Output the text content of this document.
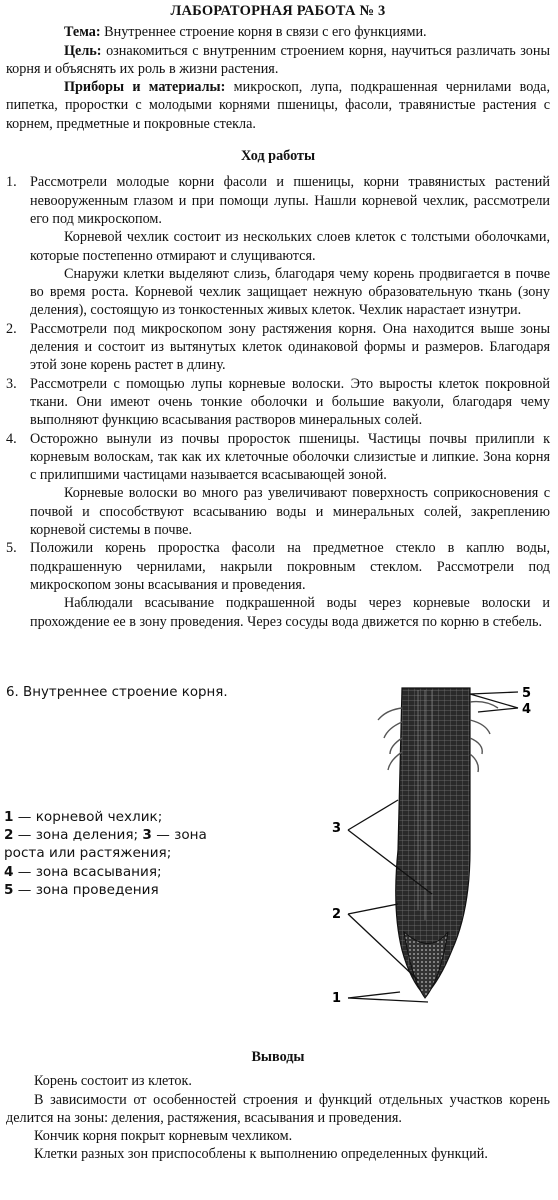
ЛАБОРАТОРНАЯ РАБОТА № 3

Тема: Внутреннее строение корня в связи с его функциями.

Цель: ознакомиться с внутренним строением корня, научиться различать зоны корня и объяснять их роль в жизни растения.

Приборы и материалы: микроскоп, лупа, подкрашенная чернилами вода, пипетка, проростки с молодыми корнями пшеницы, фасоли, травянистые растения с корнем, предметные и покровные стекла.

Ход работы
1. Рассмотрели молодые корни фасоли и пшеницы, корни травянистых растений невооруженным глазом и при помощи лупы. Нашли корневой чехлик, рассмотрели его под микроскопом.

Корневой чехлик состоит из нескольких слоев клеток с толстыми оболочками, которые постепенно отмирают и слущиваются.

Снаружи клетки выделяют слизь, благодаря чему корень продвигается в почве во время роста. Корневой чехлик защищает нежную образовательную ткань (зону деления), состоящую из тонкостенных живых клеток. Чехлик нарастает изнутри.

2. Рассмотрели под микроскопом зону растяжения корня. Она находится выше зоны деления и состоит из вытянутых клеток одинаковой формы и размеров. Благодаря этой зоне корень растет в длину.
3. Рассмотрели с помощью лупы корневые волоски. Это выросты клеток покровной ткани. Они имеют очень тонкие оболочки и большие вакуоли, благодаря чему выполняют функцию всасывания растворов минеральных солей.
4. Осторожно вынули из почвы проросток пшеницы. Частицы почвы прилипли к корневым волоскам, так как их клеточные оболочки слизистые и липкие. Зона корня с прилипшими частицами называется всасывающей зоной.

Корневые волоски во много раз увеличивают поверхность соприкосновения с почвой и способствуют всасыванию воды и минеральных солей, закреплению корневой системы в почве.

5. Положили корень проростка фасоли на предметное стекло в каплю воды, подкрашенную чернилами, накрыли покровным стеклом. Рассмотрели под микроскопом зоны всасывания и проведения.

Наблюдали всасывание подкрашенной воды через корневые волоски и прохождение ее в зону проведения. Через сосуды вода движется по корню в стебель.

6. Внутреннее строение корня.
1 — корневой чехлик;
2 — зона деления; 3 — зона роста или растяжения;
4 — зона всасывания;
5 — зона проведения

5
4
3
2
1
Выводы

Корень состоит из клеток.

В зависимости от особенностей строения и функций отдельных участков корень делится на зоны: деления, растяжения, всасывания и проведения.

Кончик корня покрыт корневым чехликом.

Клетки разных зон приспособлены к выполнению определенных функций.
